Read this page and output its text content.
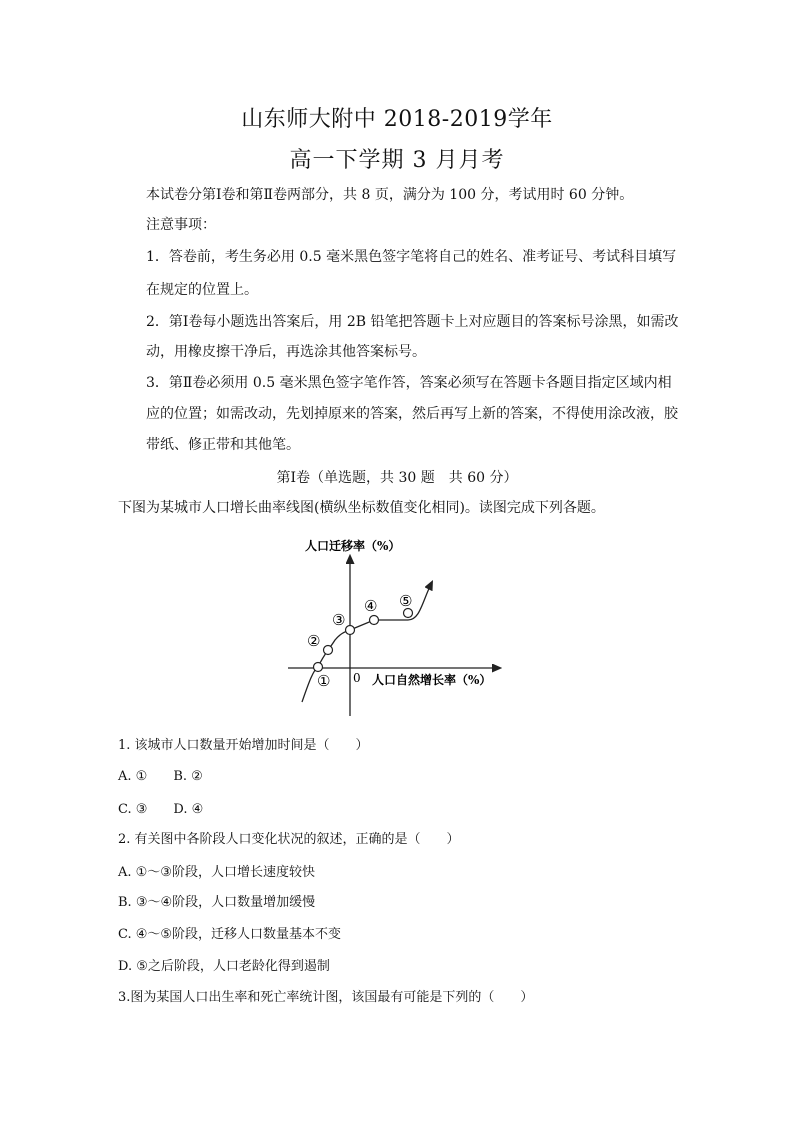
山东师大附中 2018-2019学年
高一下学期 3 月月考
本试卷分第Ⅰ卷和第Ⅱ卷两部分，共 8 页，满分为 100 分，考试用时 60 分钟。
注意事项：
1．答卷前，考生务必用 0.5 毫米黑色签字笔将自己的姓名、准考证号、考试科目填写
在规定的位置上。
2．第Ⅰ卷每小题选出答案后，用 2B 铅笔把答题卡上对应题目的答案标号涂黑，如需改
动，用橡皮擦干净后，再选涂其他答案标号。
3．第Ⅱ卷必须用 0.5 毫米黑色签字笔作答，答案必须写在答题卡各题目指定区域内相
应的位置；如需改动，先划掉原来的答案，然后再写上新的答案，不得使用涂改液，胶
带纸、修正带和其他笔。
第Ⅰ卷（单选题，共 30 题　共 60 分）
下图为某城市人口增长曲率线图(横纵坐标数值变化相同)。读图完成下列各题。
①
②
③
④ ⑤
0
人口迁移率（%）
人口自然增长率（%）
1. 该城市人口数量开始增加时间是（　　）
A. ① B. ②
C. ③ D. ④
2. 有关图中各阶段人口变化状况的叙述，正确的是（　　）
A. ①～③阶段，人口增长速度较快
B. ③～④阶段，人口数量增加缓慢
C. ④～⑤阶段，迁移人口数量基本不变
D. ⑤之后阶段，人口老龄化得到遏制
3.图为某国人口出生率和死亡率统计图，该国最有可能是下列的（　　）
